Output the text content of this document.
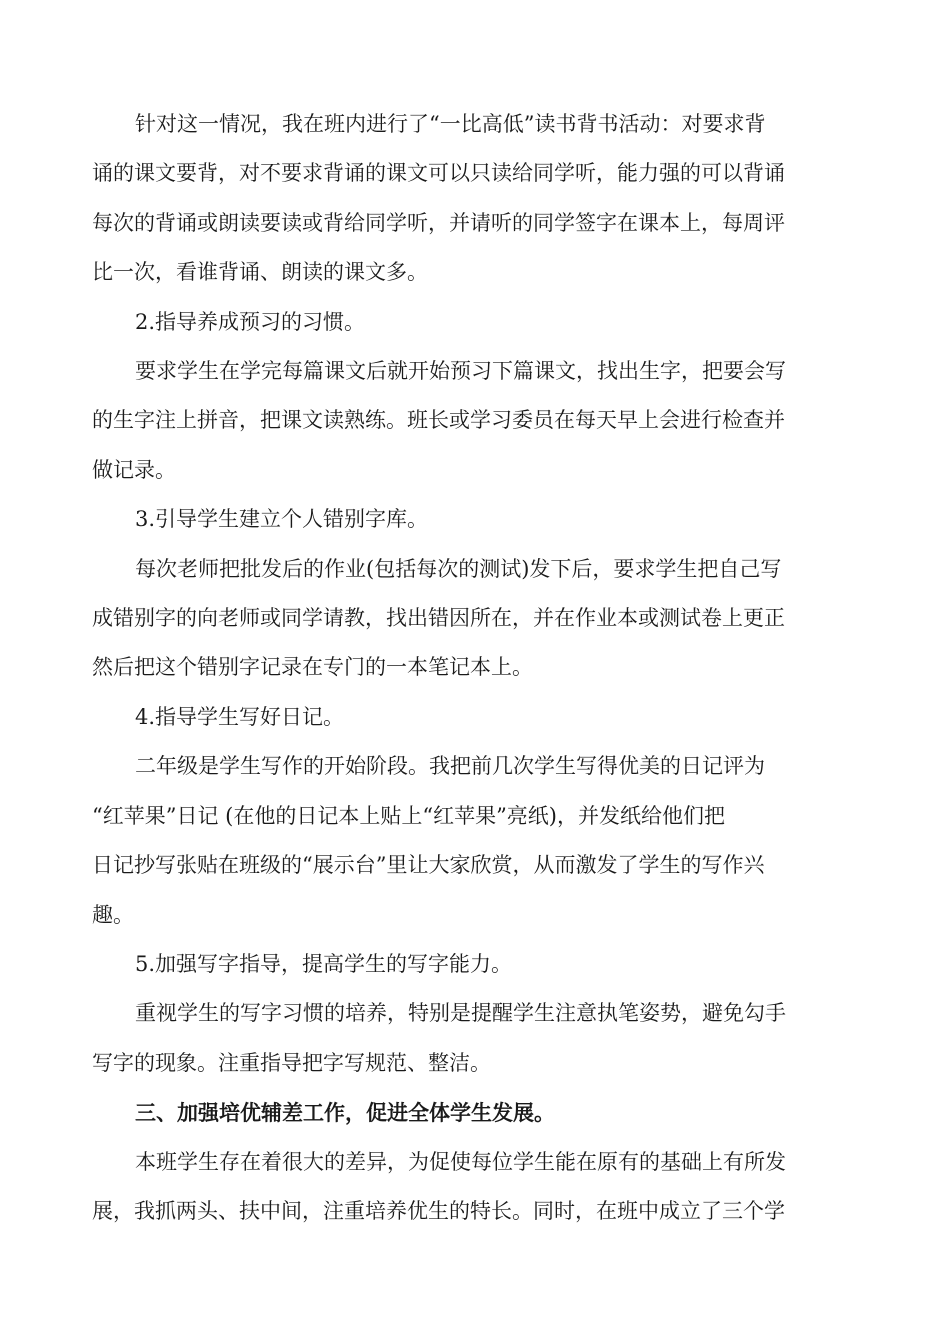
针对这一情况，我在班内进行了“一比高低”读书背书活动：对要求背
诵的课文要背，对不要求背诵的课文可以只读给同学听，能力强的可以背诵
每次的背诵或朗读要读或背给同学听，并请听的同学签字在课本上，每周评
比一次，看谁背诵、朗读的课文多。

2.指导养成预习的习惯。

要求学生在学完每篇课文后就开始预习下篇课文，找出生字，把要会写
的生字注上拼音，把课文读熟练。班长或学习委员在每天早上会进行检查并
做记录。

3.引导学生建立个人错别字库。

每次老师把批发后的作业(包括每次的测试)发下后，要求学生把自己写
成错别字的向老师或同学请教，找出错因所在，并在作业本或测试卷上更正
然后把这个错别字记录在专门的一本笔记本上。

4.指导学生写好日记。

二年级是学生写作的开始阶段。我把前几次学生写得优美的日记评为
“红苹果”日记 (在他的日记本上贴上“红苹果”亮纸)，并发纸给他们把
日记抄写张贴在班级的“展示台”里让大家欣赏，从而激发了学生的写作兴
趣。

5.加强写字指导，提高学生的写字能力。

重视学生的写字习惯的培养，特别是提醒学生注意执笔姿势，避免勾手
写字的现象。注重指导把字写规范、整洁。

三、加强培优辅差工作，促进全体学生发展。

本班学生存在着很大的差异，为促使每位学生能在原有的基础上有所发
展，我抓两头、扶中间，注重培养优生的特长。同时，在班中成立了三个学
